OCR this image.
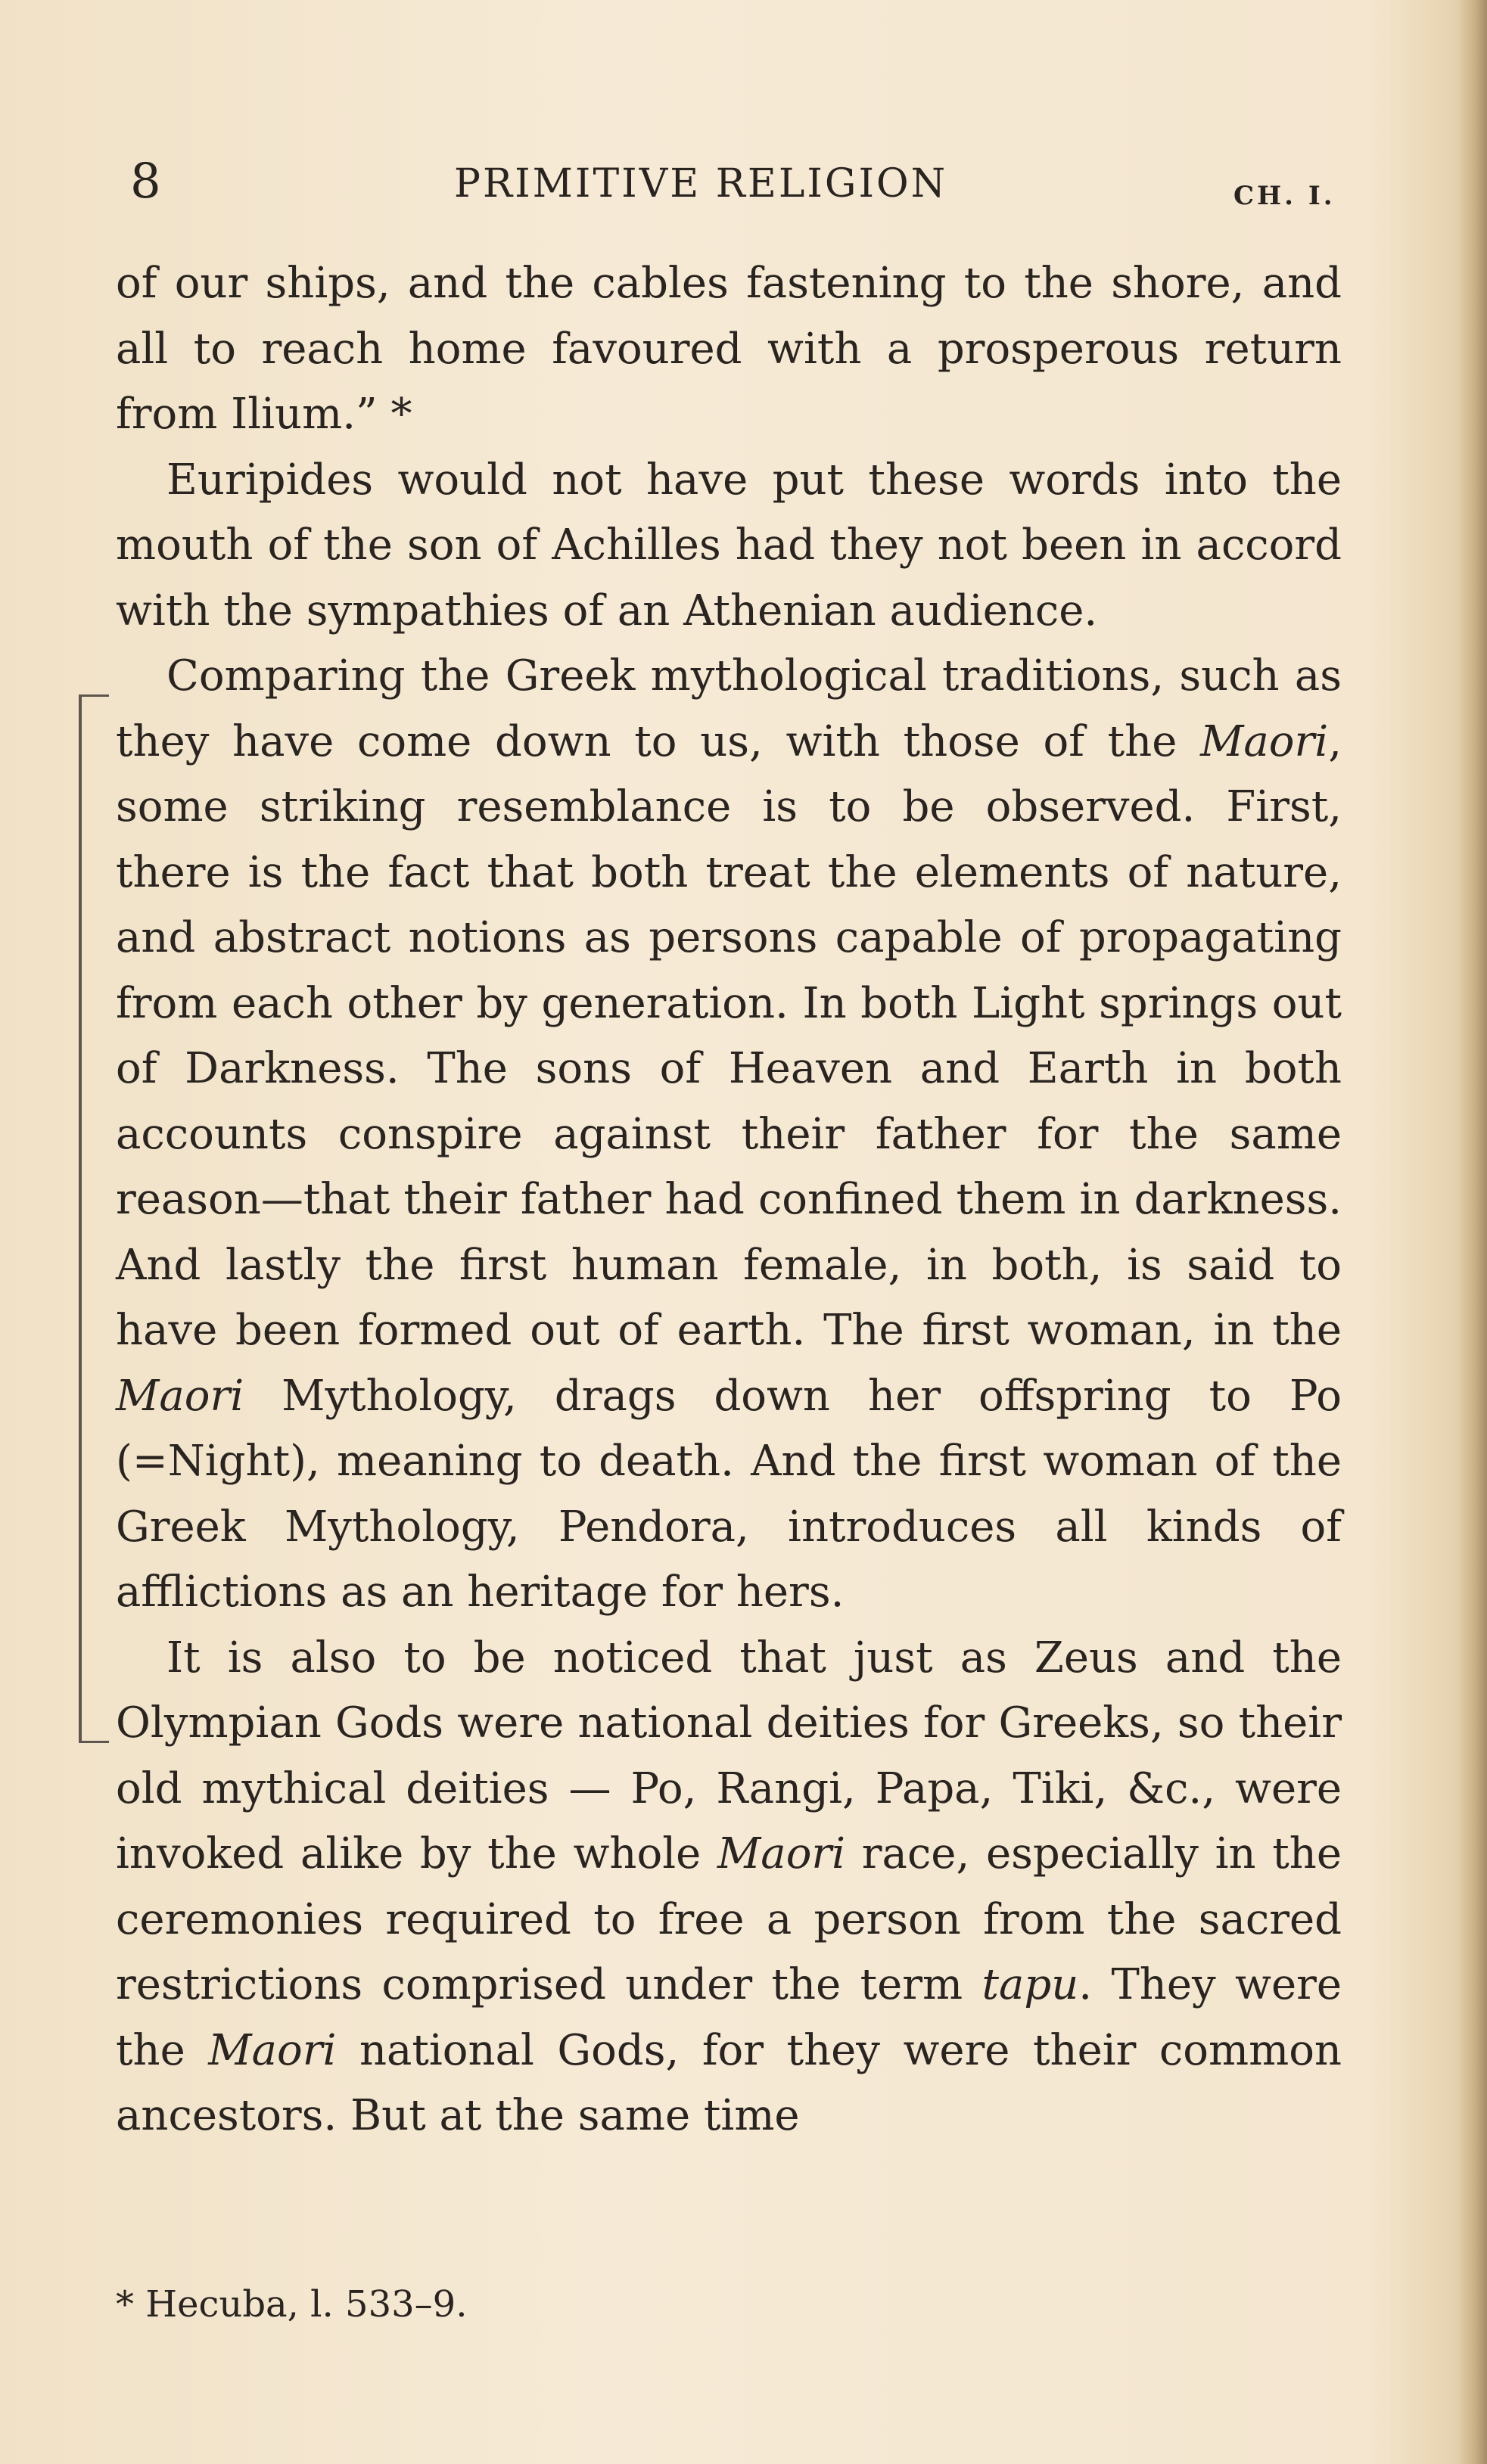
8	PRIMITIVE RELIGION	CH. I.

of our ships, and the cables fastening to the shore, and all to reach home favoured with a prosperous return from Ilium.” *

Euripides would not have put these words into the mouth of the son of Achilles had they not been in accord with the sympathies of an Athenian audience.

Comparing the Greek mythological traditions, such as they have come down to us, with those of the Maori, some striking resemblance is to be observed. First, there is the fact that both treat the elements of nature, and abstract notions as persons capable of propagating from each other by generation. In both Light springs out of Darkness. The sons of Heaven and Earth in both accounts conspire against their father for the same reason—that their father had confined them in darkness. And lastly the first human female, in both, is said to have been formed out of earth. The first woman, in the Maori Mythology, drags down her offspring to Po (=Night), meaning to death. And the first woman of the Greek Mythology, Pendora, introduces all kinds of afflictions as an heritage for hers.

It is also to be noticed that just as Zeus and the Olympian Gods were national deities for Greeks, so their old mythical deities — Po, Rangi, Papa, Tiki, &c., were invoked alike by the whole Maori race, especially in the ceremonies required to free a person from the sacred restrictions comprised under the term tapu. They were the Maori national Gods, for they were their common ancestors. But at the same time

* Hecuba, l. 533–9.
